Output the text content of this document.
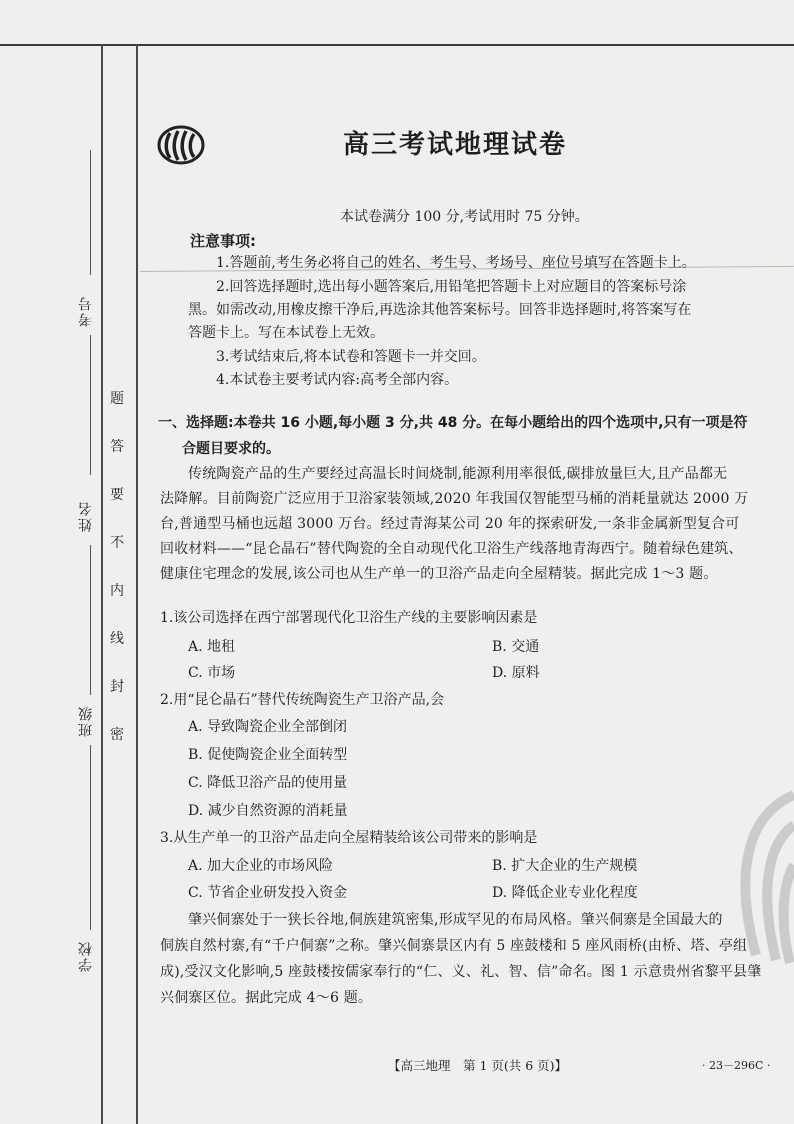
考号
姓名
班级
学校
题
答
要
不
内
线
封
密
高三考试地理试卷
本试卷满分 100 分,考试用时 75 分钟。
注意事项:
1.答题前,考生务必将自己的姓名、考生号、考场号、座位号填写在答题卡上。
2.回答选择题时,选出每小题答案后,用铅笔把答题卡上对应题目的答案标号涂
黑。如需改动,用橡皮擦干净后,再选涂其他答案标号。回答非选择题时,将答案写在
答题卡上。写在本试卷上无效。
3.考试结束后,将本试卷和答题卡一并交回。
4.本试卷主要考试内容:高考全部内容。
一、选择题:本卷共 16 小题,每小题 3 分,共 48 分。在每小题给出的四个选项中,只有一项是符
合题目要求的。
传统陶瓷产品的生产要经过高温长时间烧制,能源利用率很低,碳排放量巨大,且产品都无
法降解。目前陶瓷广泛应用于卫浴家装领域,2020 年我国仅智能型马桶的消耗量就达 2000 万
台,普通型马桶也远超 3000 万台。经过青海某公司 20 年的探索研发,一条非金属新型复合可
回收材料——“昆仑晶石”替代陶瓷的全自动现代化卫浴生产线落地青海西宁。随着绿色建筑、
健康住宅理念的发展,该公司也从生产单一的卫浴产品走向全屋精装。据此完成 1～3 题。
1.该公司选择在西宁部署现代化卫浴生产线的主要影响因素是
A. 地租	B. 交通
C. 市场	D. 原料
2.用“昆仑晶石”替代传统陶瓷生产卫浴产品,会
A. 导致陶瓷企业全部倒闭
B. 促使陶瓷企业全面转型
C. 降低卫浴产品的使用量
D. 减少自然资源的消耗量
3.从生产单一的卫浴产品走向全屋精装给该公司带来的影响是
A. 加大企业的市场风险	B. 扩大企业的生产规模
C. 节省企业研发投入资金	D. 降低企业专业化程度
肇兴侗寨处于一狭长谷地,侗族建筑密集,形成罕见的布局风格。肇兴侗寨是全国最大的
侗族自然村寨,有“千户侗寨”之称。肇兴侗寨景区内有 5 座鼓楼和 5 座风雨桥(由桥、塔、亭组
成),受汉文化影响,5 座鼓楼按儒家奉行的“仁、义、礼、智、信”命名。图 1 示意贵州省黎平县肇
兴侗寨区位。据此完成 4～6 题。
【高三地理　第 1 页(共 6 页)】	· 23－296C ·
